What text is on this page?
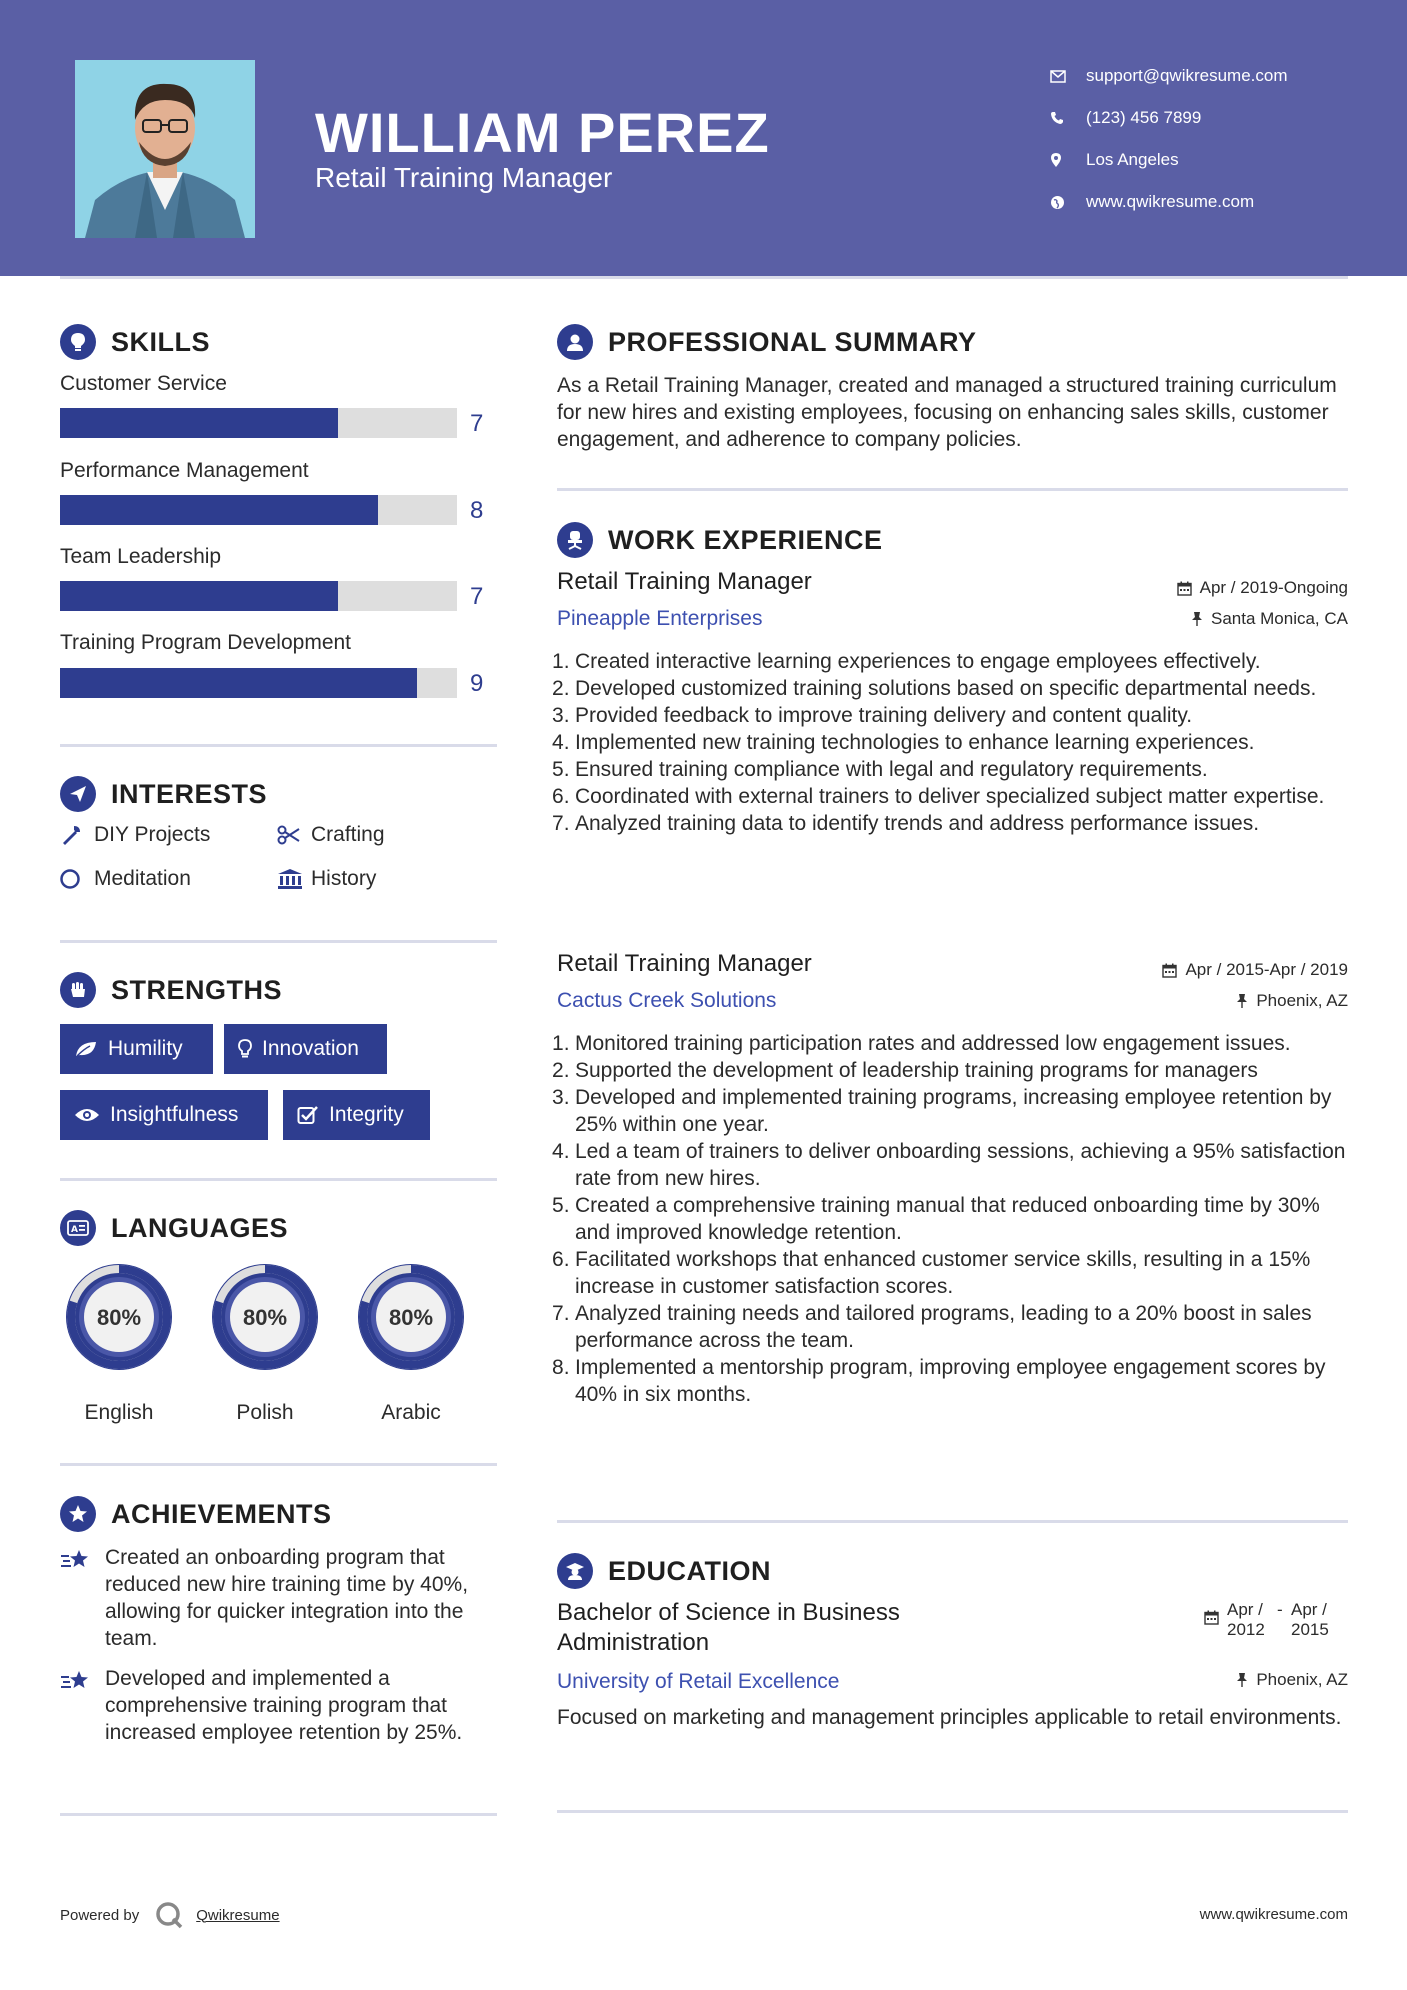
WILLIAM PEREZ
Retail Training Manager
support@qwikresume.com
(123) 456 7899
Los Angeles
www.qwikresume.com
SKILLS
Customer Service
7
Performance Management
8
Team Leadership
7
Training Program Development
9
INTERESTS
DIY Projects	Crafting
Meditation	History
STRENGTHS
Humility	Innovation
Insightfulness	Integrity
A LANGUAGES
80%
English
80%
Polish
80%
Arabic
ACHIEVEMENTS
Created an onboarding program that reduced new hire training time by 40%, allowing for quicker integration into the team.
Developed and implemented a comprehensive training program that increased employee retention by 25%.
PROFESSIONAL SUMMARY
As a Retail Training Manager, created and managed a structured training curriculum for new hires and existing employees, focusing on enhancing sales skills, customer engagement, and adherence to company policies.
WORK EXPERIENCE
Retail Training Manager
Pineapple Enterprises
Apr / 2019-Ongoing
Santa Monica, CA
Created interactive learning experiences to engage employees effectively.
Developed customized training solutions based on specific departmental needs.
Provided feedback to improve training delivery and content quality.
Implemented new training technologies to enhance learning experiences.
Ensured training compliance with legal and regulatory requirements.
Coordinated with external trainers to deliver specialized subject matter expertise.
Analyzed training data to identify trends and address performance issues.
Retail Training Manager
Cactus Creek Solutions
Apr / 2015-Apr / 2019
Phoenix, AZ
Monitored training participation rates and addressed low engagement issues.
Supported the development of leadership training programs for managers
Developed and implemented training programs, increasing employee retention by 25% within one year.
Led a team of trainers to deliver onboarding sessions, achieving a 95% satisfaction rate from new hires.
Created a comprehensive training manual that reduced onboarding time by 30% and improved knowledge retention.
Facilitated workshops that enhanced customer service skills, resulting in a 15% increase in customer satisfaction scores.
Analyzed training needs and tailored programs, leading to a 20% boost in sales performance across the team.
Implemented a mentorship program, improving employee engagement scores by 40% in six months.
EDUCATION
Bachelor of Science in Business Administration
University of Retail Excellence
Apr / 2012
- Apr / 2015
Phoenix, AZ
Focused on marketing and management principles applicable to retail environments.
Powered by	Qwikresume	www.qwikresume.com
